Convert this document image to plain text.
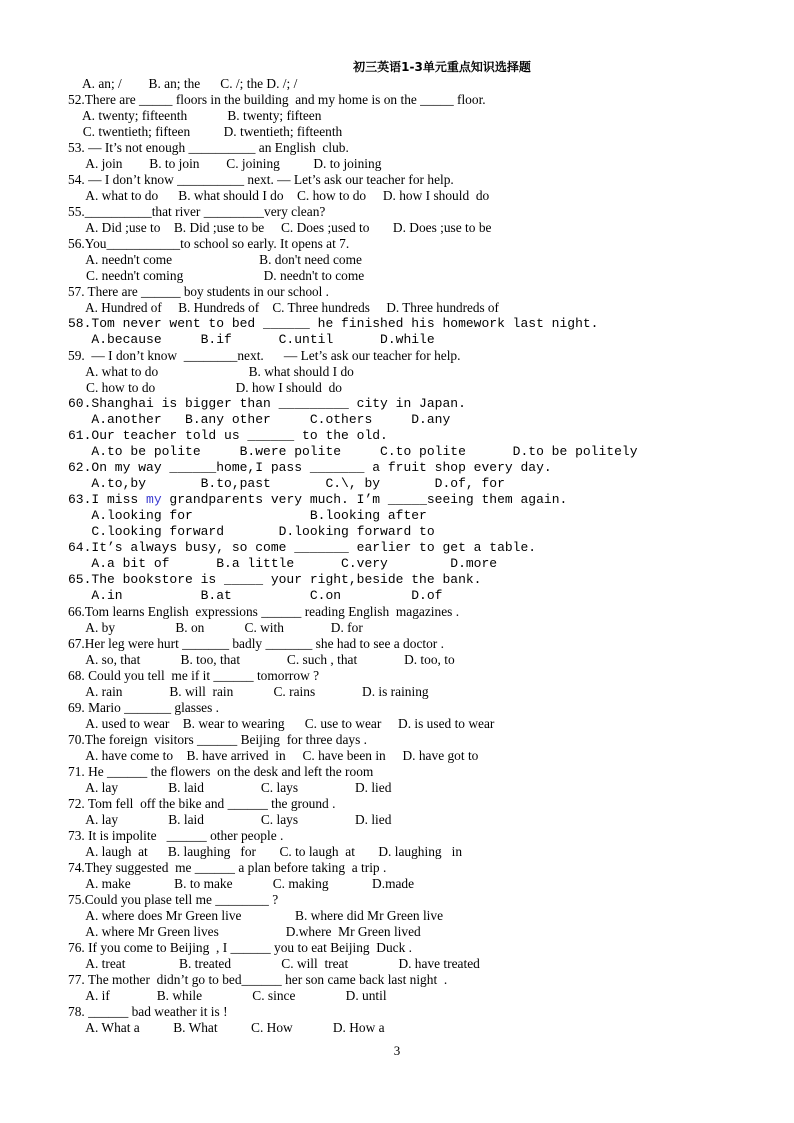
初三英语1-3单元重点知识选择题
A. an; /        B. an; the      C. /; the D. /; /
52.There are _____ floors in the building  and my home is on the _____ floor.
A. twenty; fifteenth            B. twenty; fifteen
C. twentieth; fifteen          D. twentieth; fifteenth
53. — It’s not enough __________ an English  club.
A. join        B. to join        C. joining          D. to joining
54. — I don’t know __________ next. — Let’s ask our teacher for help.
A. what to do      B. what should I do    C. how to do     D. how I should  do
55.__________that river _________very clean?
A. Did ;use to    B. Did ;use to be     C. Does ;used to       D. Does ;use to be
56.You___________to school so early. It opens at 7.
A. needn't come                          B. don't need come
C. needn't coming                        D. needn't to come
57. There are ______ boy students in our school .
A. Hundred of     B. Hundreds of    C. Three hundreds     D. Three hundreds of
58.Tom never went to bed ______ he finished his homework last night.
A.because     B.if      C.until      D.while
59.  — I don’t know  ________next.      — Let’s ask our teacher for help.
A. what to do                           B. what should I do
C. how to do                        D. how I should  do
60.Shanghai is bigger than _________ city in Japan.
A.another   B.any other     C.others     D.any
61.Our teacher told us ______ to the old.
A.to be polite     B.were polite     C.to polite      D.to be politely
62.On my way ______home,I pass _______ a fruit shop every day.
A.to,by       B.to,past       C.\, by       D.of, for
63.I miss my grandparents very much. I’m _____seeing them again.
A.looking for               B.looking after
C.looking forward       D.looking forward to
64.It’s always busy, so come _______ earlier to get a table.
A.a bit of      B.a little      C.very        D.more
65.The bookstore is _____ your right,beside the bank.
A.in          B.at          C.on         D.of
66.Tom learns English  expressions ______ reading English  magazines .
A. by                  B. on            C. with              D. for
67.Her leg were hurt _______ badly _______ she had to see a doctor .
A. so, that            B. too, that              C. such , that              D. too, to
68. Could you tell  me if it ______ tomorrow ?
A. rain              B. will  rain            C. rains              D. is raining
69. Mario _______ glasses .
A. used to wear    B. wear to wearing      C. use to wear     D. is used to wear
70.The foreign  visitors ______ Beijing  for three days .
A. have come to    B. have arrived  in     C. have been in     D. have got to
71. He ______ the flowers  on the desk and left the room
A. lay               B. laid                 C. lays                 D. lied
72. Tom fell  off the bike and ______ the ground .
A. lay               B. laid                 C. lays                 D. lied
73. It is impolite   ______ other people .
A. laugh  at      B. laughing   for       C. to laugh  at       D. laughing   in
74.They suggested  me ______ a plan before taking  a trip .
A. make             B. to make            C. making             D.made
75.Could you plase tell me ________ ?
A. where does Mr Green live                B. where did Mr Green live
A. where Mr Green lives                    D.where  Mr Green lived
76. If you come to Beijing  , I ______ you to eat Beijing  Duck .
A. treat                B. treated               C. will  treat               D. have treated
77. The mother  didn’t go to bed______ her son came back last night  .
A. if              B. while               C. since               D. until
78. ______ bad weather it is !
A. What a          B. What          C. How            D. How a
3
